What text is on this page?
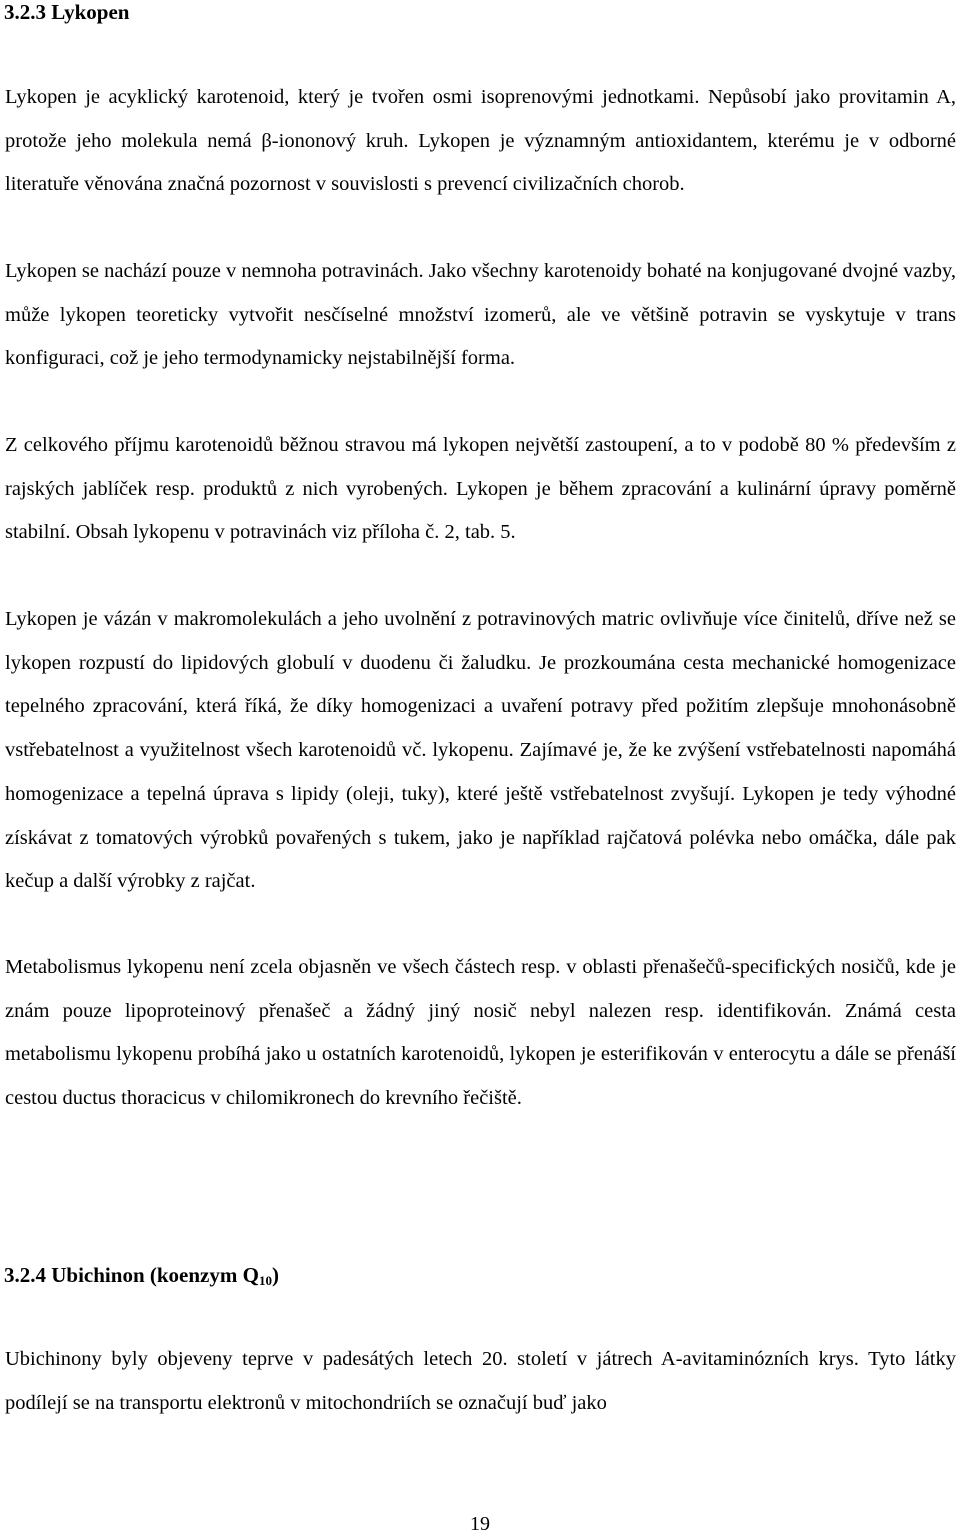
3.2.3 Lykopen

Lykopen je acyklický karotenoid, který je tvořen osmi isoprenovými jednotkami. Nepůsobí jako provitamin A, protože jeho molekula nemá β-iononový kruh. Lykopen je významným antioxidantem, kterému je v odborné literatuře věnována značná pozornost v souvislosti s prevencí civilizačních chorob.

Lykopen se nachází pouze v nemnoha potravinách. Jako všechny karotenoidy bohaté na konjugované dvojné vazby, může lykopen teoreticky vytvořit nesčíselné množství izomerů, ale ve většině potravin se vyskytuje v trans konfiguraci, což je jeho termodynamicky nejstabilnější forma.

Z celkového příjmu karotenoidů běžnou stravou má lykopen největší zastoupení, a to v podobě 80 % především z rajských jablíček resp. produktů z nich vyrobených. Lykopen je během zpracování a kulinární úpravy poměrně stabilní. Obsah lykopenu v potravinách viz příloha č. 2, tab. 5.

Lykopen je vázán v makromolekulách a jeho uvolnění z potravinových matric ovlivňuje více činitelů, dříve než se lykopen rozpustí do lipidových globulí v duodenu či žaludku. Je prozkoumána cesta mechanické homogenizace tepelného zpracování, která říká, že díky homogenizaci a uvaření potravy před požitím zlepšuje mnohonásobně vstřebatelnost a využitelnost všech karotenoidů vč. lykopenu. Zajímavé je, že ke zvýšení vstřebatelnosti napomáhá homogenizace a tepelná úprava s lipidy (oleji, tuky), které ještě vstřebatelnost zvyšují. Lykopen je tedy výhodné získávat z tomatových výrobků povařených s tukem, jako je například rajčatová polévka nebo omáčka, dále pak kečup a další výrobky z rajčat.

Metabolismus lykopenu není zcela objasněn ve všech částech resp. v oblasti přenašečů-specifických nosičů, kde je znám pouze lipoproteinový přenašeč a žádný jiný nosič nebyl nalezen resp. identifikován. Známá cesta metabolismu lykopenu probíhá jako u ostatních karotenoidů, lykopen je esterifikován v enterocytu a dále se přenáší cestou ductus thoracicus v chilomikronech do krevního řečiště.

3.2.4 Ubichinon (koenzym $Q_{10}$)

Ubichinony byly objeveny teprve v padesátých letech 20. století v játrech A-avitaminózních krys. Tyto látky podílejí se na transportu elektronů v mitochondriích se označují buď jako

19
